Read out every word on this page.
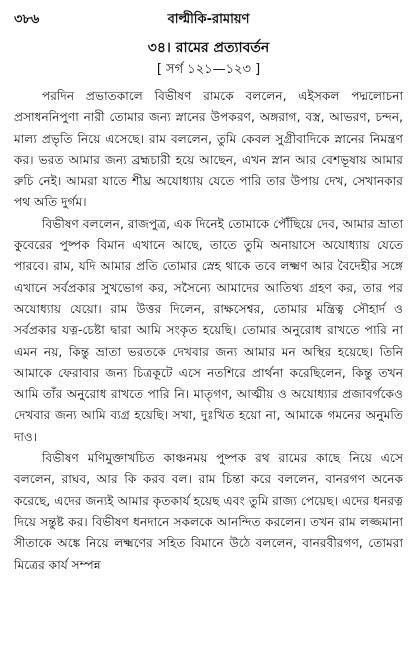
৩৮৬	বাল্মীকি-রামায়ণ
৩৪। রামের প্রত্যাবর্তন
[ সর্গ ১২১—১২৩ ]

পরদিন প্রভাতকালে বিভীষণ রামকে বললেন, এইসকল পদ্মলোচনা প্রসাধননিপুণা নারী তোমার জন্য স্নানের উপকরণ, অঙ্গরাগ, বস্ত্র, আভরণ, চন্দন, মাল্য প্রভৃতি নিয়ে এসেছে। রাম বললেন, তুমি কেবল সুগ্রীবাদিকে স্নানের নিমন্ত্রণ কর। ভরত আমার জন্য ব্রহ্মচারী হয়ে আছেন, এখন স্নান আর বেশভূষায় আমার রুচি নেই। আমরা যাতে শীঘ্র অযোধ্যায় যেতে পারি তার উপায় দেখ, সেখানকার পথ অতি দুর্গম।

বিভীষণ বললেন, রাজপুত্র, এক দিনেই তোমাকে পৌঁছিয়ে দেব, আমার ভ্রাতা কুবেরের পুষ্পক বিমান এখানে আছে, তাতে তুমি অনায়াসে অযোধ্যায় যেতে পারবে। রাম, যদি আমার প্রতি তোমার স্নেহ থাকে তবে লক্ষ্মণ আর বৈদেহীর সঙ্গে এখানে সর্বপ্রকার সুখভোগ কর, সসৈন্যে আমাদের আতিথ্য গ্রহণ কর, তার পর অযোধ্যায় যেয়ো। রাম উত্তর দিলেন, রাক্ষসেশ্বর, তোমার মন্ত্রিত্ব সৌহার্দ ও সর্বপ্রকার যত্ন-চেষ্টা দ্বারা আমি সংকৃত হয়েছি। তোমার অনুরোধ রাখতে পারি না এমন নয়, কিন্তু ভ্রাতা ভরতকে দেখবার জন্য আমার মন অস্থির হয়েছে। তিনি আমাকে ফেরাবার জন্য চিত্রকূটে এসে নতশিরে প্রার্থনা করেছিলেন, কিন্তু তখন আমি তাঁর অনুরোধ রাখতে পারি নি। মাতৃগণ, আত্মীয় ও অযোধ্যার প্রজাবর্গকেও দেখবার জন্য আমি ব্যগ্র হয়েছি। সখা, দুঃখিত হয়ো না, আমাকে গমনের অনুমতি দাও।

বিভীষণ মণিমুক্তাখচিত কাঞ্চনময় পুষ্পক রথ রামের কাছে নিয়ে এসে বললেন, রাঘব, আর কি করব বল। রাম চিন্তা করে বললেন, বানরগণ অনেক করেছে, এদের জন্যই আমার কৃতকার্য হয়েছ এবং তুমি রাজ্য পেয়েছ। এদের ধনরত্ন দিয়ে সন্তুষ্ট কর। বিভীষণ ধনদানে সকলকে আনন্দিত করলেন। তখন রাম লজ্জমানা সীতাকে অঙ্কে নিয়ে লক্ষ্মণের সহিত বিমানে উঠে বললেন, বানরবীরগণ, তোমরা মিত্রের কার্য সম্পন্ন
